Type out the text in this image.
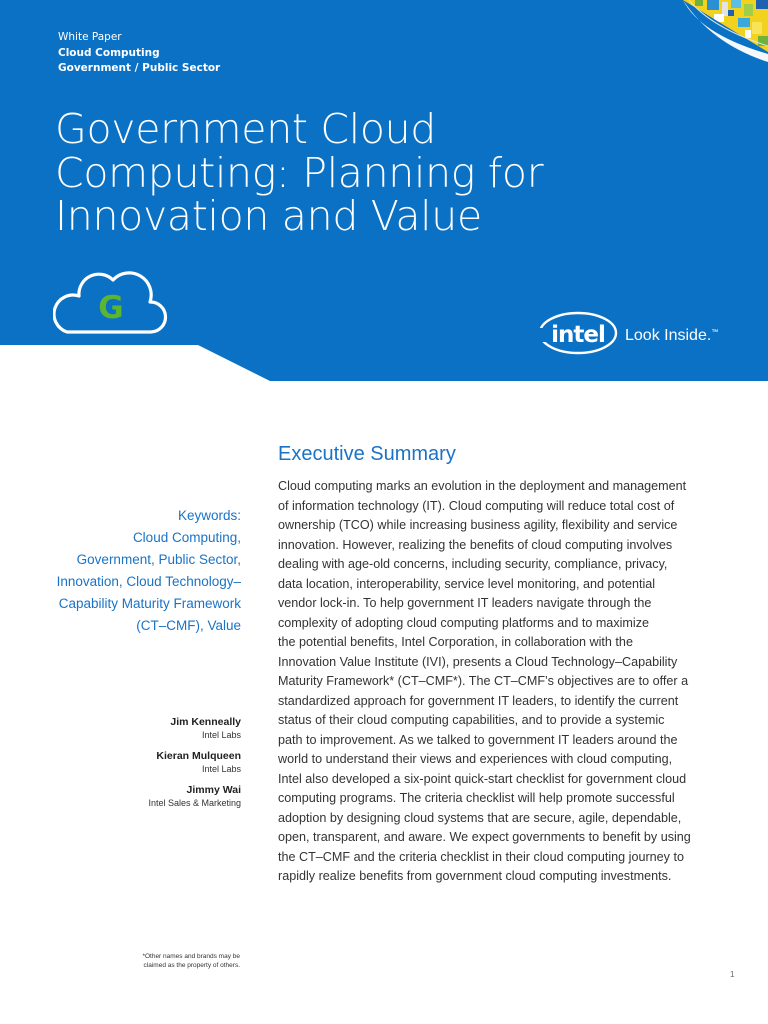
White Paper
Cloud Computing
Government / Public Sector
Government Cloud
Computing: Planning for
Innovation and Value
G
intel Look Inside.™
Keywords:
Cloud Computing,
Government, Public Sector,
Innovation, Cloud Technology–
Capability Maturity Framework
(CT–CMF), Value
Jim Kenneally
Intel Labs
Kieran Mulqueen
Intel Labs
Jimmy Wai
Intel Sales & Marketing
Executive Summary
Cloud computing marks an evolution in the deployment and management
of information technology (IT). Cloud computing will reduce total cost of
ownership (TCO) while increasing business agility, flexibility and service
innovation. However, realizing the benefits of cloud computing involves
dealing with age-old concerns, including security, compliance, privacy,
data location, interoperability, service level monitoring, and potential
vendor lock-in. To help government IT leaders navigate through the
complexity of adopting cloud computing platforms and to maximize
the potential benefits, Intel Corporation, in collaboration with the
Innovation Value Institute (IVI), presents a Cloud Technology–Capability
Maturity Framework* (CT–CMF*). The CT–CMF’s objectives are to offer a
standardized approach for government IT leaders, to identify the current
status of their cloud computing capabilities, and to provide a systemic
path to improvement. As we talked to government IT leaders around the
world to understand their views and experiences with cloud computing,
Intel also developed a six-point quick-start checklist for government cloud
computing programs. The criteria checklist will help promote successful
adoption by designing cloud systems that are secure, agile, dependable,
open, transparent, and aware. We expect governments to benefit by using
the CT–CMF and the criteria checklist in their cloud computing journey to
rapidly realize benefits from government cloud computing investments.
*Other names and brands may be
claimed as the property of others.
1
